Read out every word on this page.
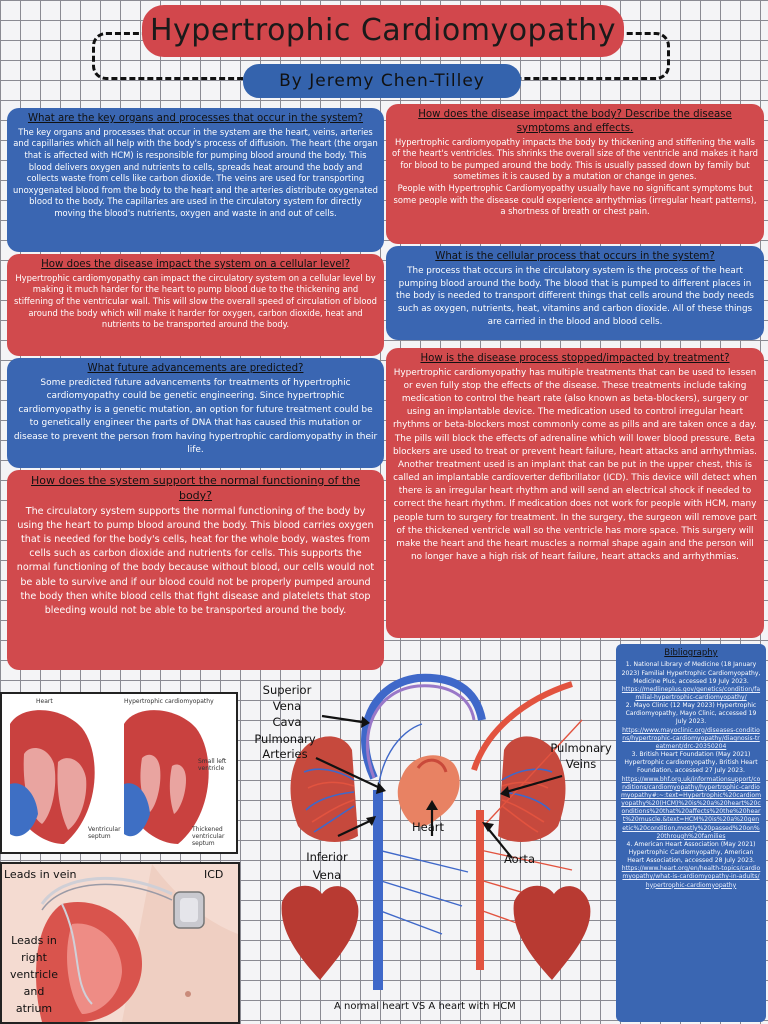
Hypertrophic Cardiomyopathy
By Jeremy Chen-Tilley
What are the key organs and processes that occur in the system?

The key organs and processes that occur in the system are the heart, veins, arteries and capillaries which all help with the body's process of diffusion. The heart (the organ that is affected with HCM) is responsible for pumping blood around the body. This blood delivers oxygen and nutrients to cells, spreads heat around the body and collects waste from cells like carbon dioxide. The veins are used for transporting unoxygenated blood from the body to the heart and the arteries distribute oxygenated blood to the body. The capillaries are used in the circulatory system for directly moving the blood's nutrients, oxygen and waste in and out of cells.

How does the disease impact the system on a cellular level?

Hypertrophic cardiomyopathy can impact the circulatory system on a cellular level by making it much harder for the heart to pump blood due to the thickening and stiffening of the ventricular wall. This will slow the overall speed of circulation of blood around the body which will make it harder for oxygen, carbon dioxide, heat and nutrients to be transported around the body.

What future advancements are predicted?

Some predicted future advancements for treatments of hypertrophic cardiomyopathy could be genetic engineering. Since hypertrophic cardiomyopathy is a genetic mutation, an option for future treatment could be to genetically engineer the parts of DNA that has caused this mutation or disease to prevent the person from having hypertrophic cardiomyopathy in their life.

How does the system support the normal functioning of the body?

The circulatory system supports the normal functioning of the body by using the heart to pump blood around the body. This blood carries oxygen that is needed for the body's cells, heat for the whole body, wastes from cells such as carbon dioxide and nutrients for cells. This supports the normal functioning of the body because without blood, our cells would not be able to survive and if our blood could not be properly pumped around the body then white blood cells that fight disease and platelets that stop bleeding would not be able to be transported around the body.

How does the disease impact the body? Describe the disease symptoms and effects.

Hypertrophic cardiomyopathy impacts the body by thickening and stiffening the walls of the heart's ventricles. This shrinks the overall size of the ventricle and makes it hard for blood to be pumped around the body. This is usually passed down by family but sometimes it is caused by a mutation or change in genes.

People with Hypertrophic Cardiomyopathy usually have no significant symptoms but some people with the disease could experience arrhythmias (irregular heart patterns), a shortness of breath or chest pain.

What is the cellular process that occurs in the system?

The process that occurs in the circulatory system is the process of the heart pumping blood around the body. The blood that is pumped to different places in the body is needed to transport different things that cells around the body needs such as oxygen, nutrients, heat, vitamins and carbon dioxide. All of these things are carried in the blood and blood cells.

How is the disease process stopped/impacted by treatment?

Hypertrophic cardiomyopathy has multiple treatments that can be used to lessen or even fully stop the effects of the disease. These treatments include taking medication to control the heart rate (also known as beta-blockers), surgery or using an implantable device. The medication used to control irregular heart rhythms or beta-blockers most commonly come as pills and are taken once a day. The pills will block the effects of adrenaline which will lower blood pressure. Beta blockers are used to treat or prevent heart failure, heart attacks and arrhythmias. Another treatment used is an implant that can be put in the upper chest, this is called an implantable cardioverter defibrillator (ICD). This device will detect when there is an irregular heart rhythm and will send an electrical shock if needed to correct the heart rhythm. If medication does not work for people with HCM, many people turn to surgery for treatment. In the surgery, the surgeon will remove part of the thickened ventricle wall so the ventricle has more space. This surgery will make the heart and the heart muscles a normal shape again and the person will no longer have a high risk of heart failure, heart attacks and arrhythmias.

Bibliography
1. National Library of Medicine (18 January 2023) Familial Hypertrophic Cardiomyopathy, Medicine Plus, accessed 19 July 2023.
https://medlineplus.gov/genetics/condition/familial-hypertrophic-cardiomyopathy/
2. Mayo Clinic (12 May 2023) Hypertrophic Cardiomyopathy, Mayo Clinic, accessed 19 July 2023.
https://www.mayoclinic.org/diseases-conditions/hypertrophic-cardiomyopathy/diagnosis-treatment/drc-20350204
3. British Heart Foundation (May 2021) Hypertrophic cardiomyopathy, British Heart Foundation, accessed 27 July 2023.
https://www.bhf.org.uk/informationsupport/conditions/cardiomyopathy/hypertrophic-cardiomyopathy#:~:text=Hypertrophic%20cardiomyopathy%20(HCM)%20is%20a%20heart%20conditions%20that%20affects%20the%20heart%20muscle.&text=HCM%20is%20a%20genetic%20condition,mostly%20passed%20on%20through%20families
4. American Heart Association (May 2021) Hypertrophic Cardiomyopathy, American Heart Association, accessed 28 July 2023.
https://www.heart.org/en/health-topics/cardiomyopathy/what-is-cardiomyopathy-in-adults/hypertrophic-cardiomyopathy
Heart	Hypertrophic cardiomyopathy
Small left ventricle
Thickened ventricular septum
Ventricular septum
Leads in vein	ICD
Leads in right ventricle and atrium
Superior Vena Cava
Pulmonary Arteries	Pulmonary Veins
Heart
Inferior Vena
Aorta
A normal heart VS A heart with HCM
